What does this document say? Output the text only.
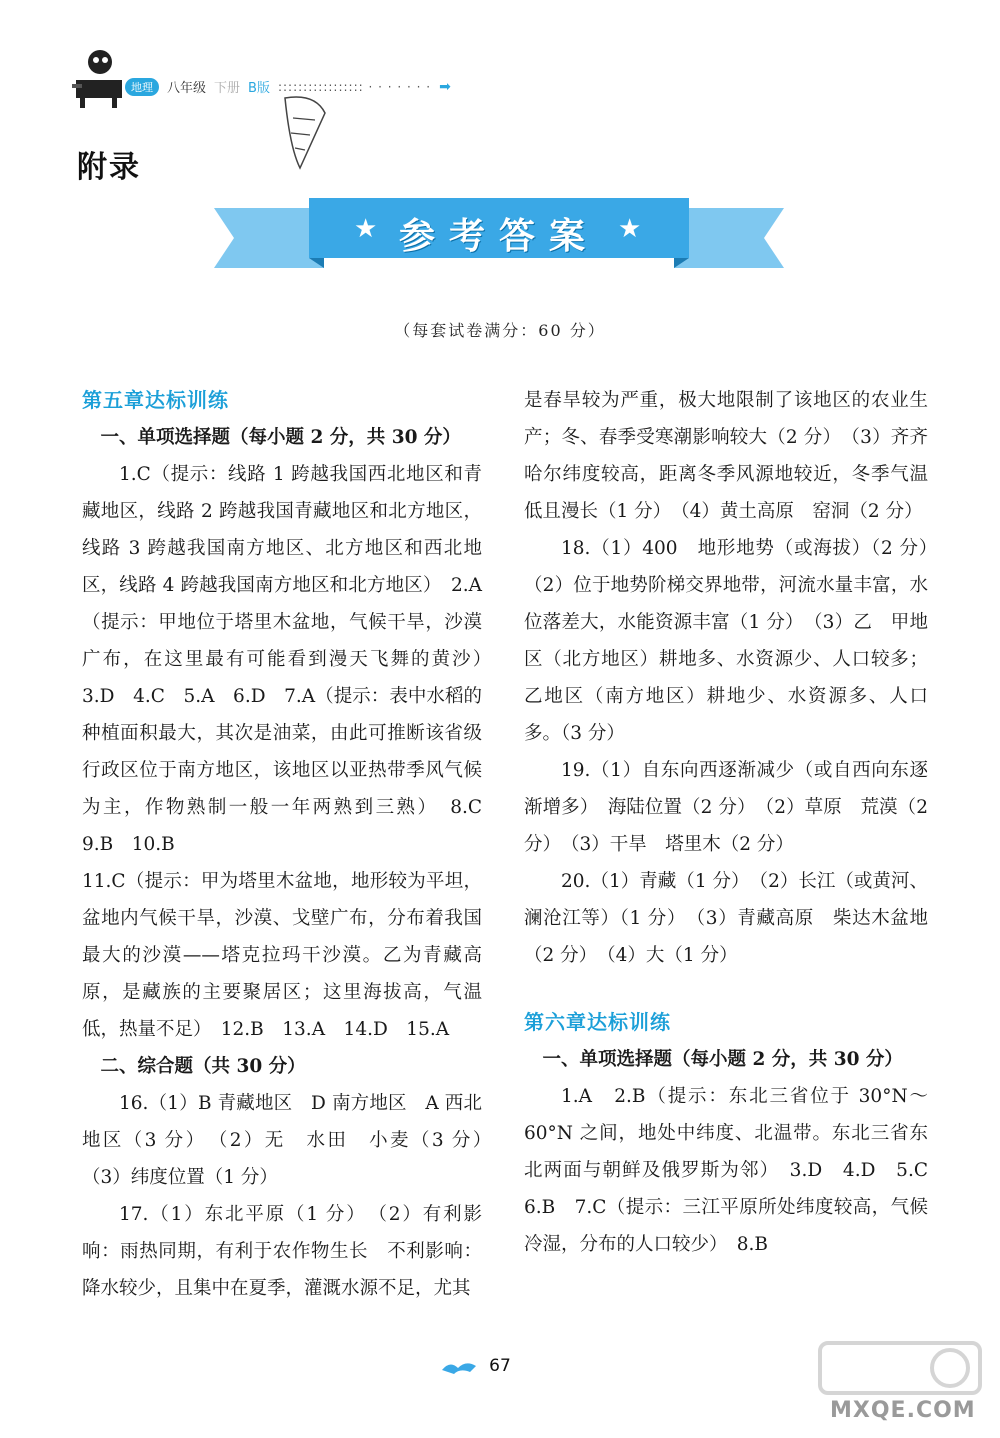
地理	八年级 下册 B版 ::::::::::::::::: · · · · · · · ➡
附录
★	★
参考答案
（每套试卷满分：60 分）

第五章达标训练

一、单项选择题（每小题 2 分，共 30 分）

1.C（提示：线路 1 跨越我国西北地区和青藏地区，线路 2 跨越我国青藏地区和北方地区，线路 3 跨越我国南方地区、北方地区和西北地区，线路 4 跨越我国南方地区和北方地区）　2.A（提示：甲地位于塔里木盆地，气候干旱，沙漠广布，在这里最有可能看到漫天飞舞的黄沙）　3.D　4.C　5.A　6.D　7.A（提示：表中水稻的种植面积最大，其次是油菜，由此可推断该省级行政区位于南方地区，该地区以亚热带季风气候为主，作物熟制一般一年两熟到三熟）　8.C　9.B　10.B

11.C（提示：甲为塔里木盆地，地形较为平坦，盆地内气候干旱，沙漠、戈壁广布，分布着我国最大的沙漠——塔克拉玛干沙漠。乙为青藏高原，是藏族的主要聚居区；这里海拔高，气温低，热量不足）　12.B　13.A　14.D　15.A

二、综合题（共 30 分）

16.（1）B 青藏地区　D 南方地区　A 西北地区（3 分）　（2）无　水田　小麦（3 分）　（3）纬度位置（1 分）

17.（1）东北平原（1 分）　（2）有利影响：雨热同期，有利于农作物生长　不利影响：降水较少，且集中在夏季，灌溉水源不足，尤其

是春旱较为严重，极大地限制了该地区的农业生产；冬、春季受寒潮影响较大（2 分）　（3）齐齐哈尔纬度较高，距离冬季风源地较近，冬季气温低且漫长（1 分）　（4）黄土高原　窑洞（2 分）

18.（1）400　地形地势（或海拔）（2 分）　（2）位于地势阶梯交界地带，河流水量丰富，水位落差大，水能资源丰富（1 分）　（3）乙　甲地区（北方地区）耕地多、水资源少、人口较多；乙地区（南方地区）耕地少、水资源多、人口多。（3 分）

19.（1）自东向西逐渐减少（或自西向东逐渐增多）　海陆位置（2 分）　（2）草原　荒漠（2 分）　（3）干旱　塔里木（2 分）

20.（1）青藏（1 分）　（2）长江（或黄河、澜沧江等）（1 分）　（3）青藏高原　柴达木盆地（2 分）　（4）大（1 分）

第六章达标训练

一、单项选择题（每小题 2 分，共 30 分）

1.A　2.B（提示：东北三省位于 30°N～60°N 之间，地处中纬度、北温带。东北三省东北两面与朝鲜及俄罗斯为邻）　3.D　4.D　5.C　6.B　7.C（提示：三江平原所处纬度较高，气候冷湿，分布的人口较少）　8.B

67
MXQE.COM
